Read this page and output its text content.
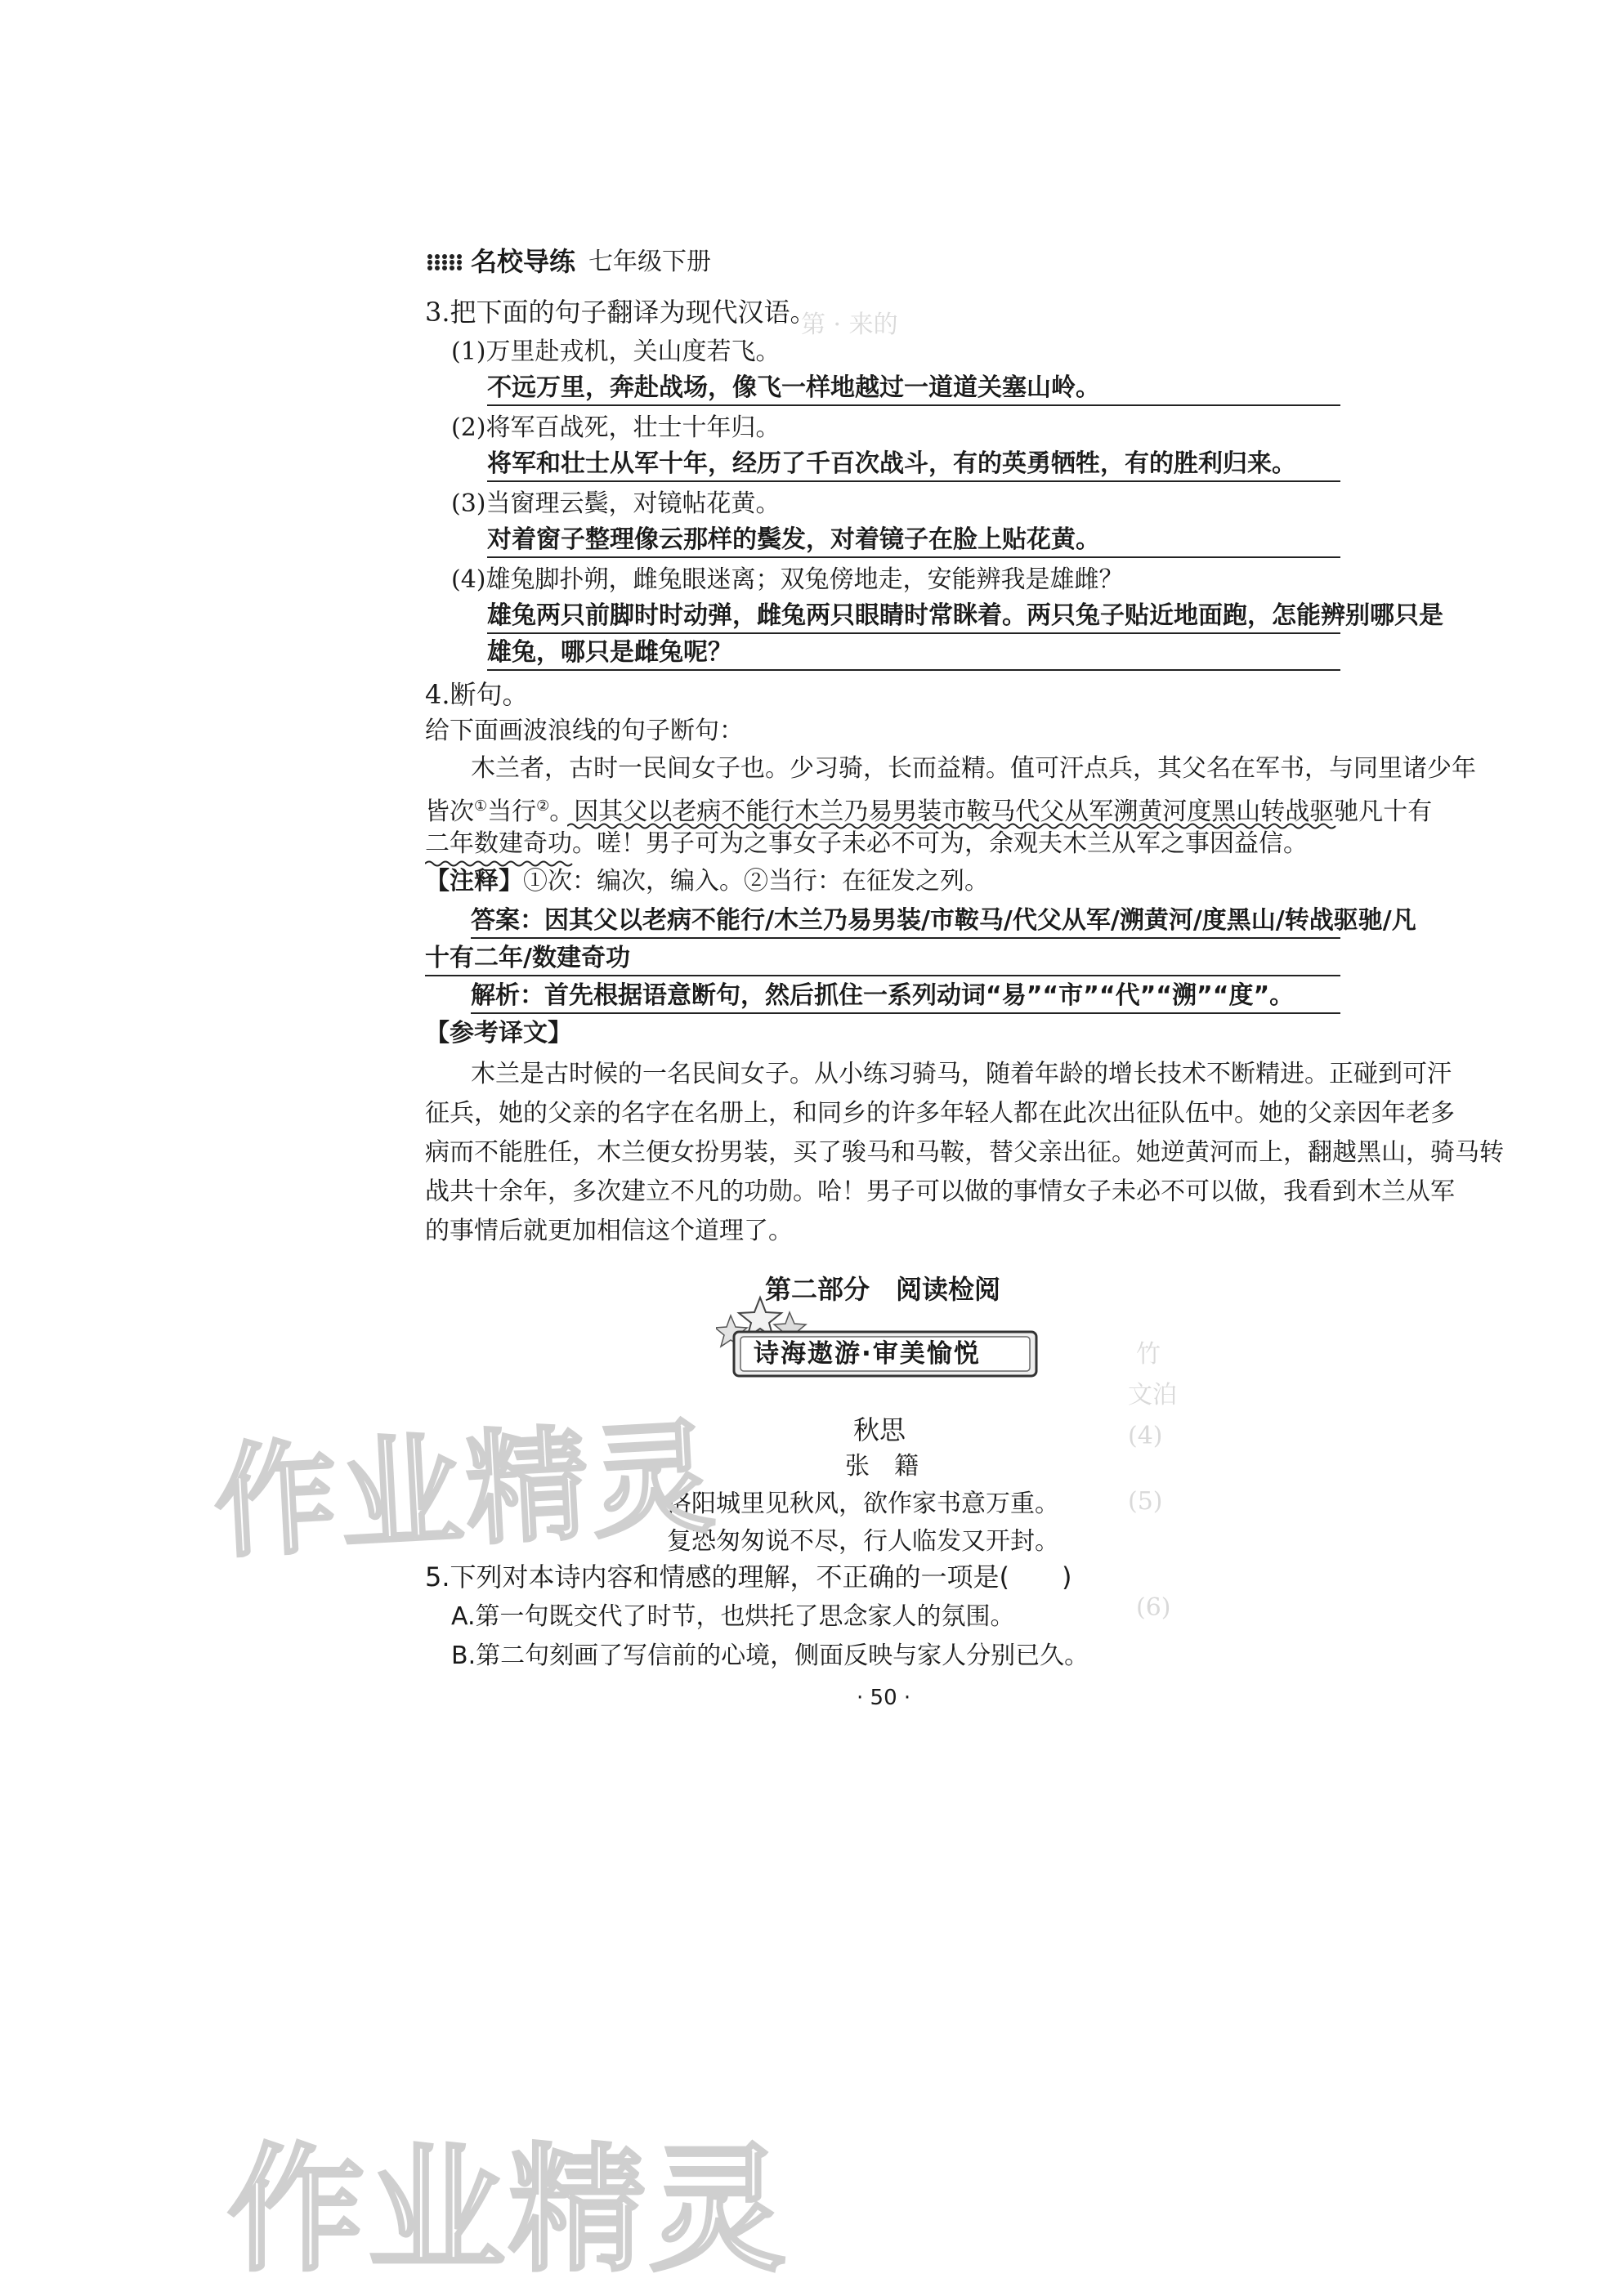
名校导练 七年级下册
第 · 来的
竹
文泊
(4)
(5)
(6)
3.把下面的句子翻译为现代汉语。
(1)万里赴戎机，关山度若飞。
不远万里，奔赴战场，像飞一样地越过一道道关塞山岭。
(2)将军百战死，壮士十年归。
将军和壮士从军十年，经历了千百次战斗，有的英勇牺牲，有的胜利归来。
(3)当窗理云鬓，对镜帖花黄。
对着窗子整理像云那样的鬓发，对着镜子在脸上贴花黄。
(4)雄兔脚扑朔，雌兔眼迷离；双兔傍地走，安能辨我是雄雌？
雄兔两只前脚时时动弹，雌兔两只眼睛时常眯着。两只兔子贴近地面跑，怎能辨别哪只是
雄兔，哪只是雌兔呢？
4.断句。
给下面画波浪线的句子断句：
木兰者，古时一民间女子也。少习骑，长而益精。值可汗点兵，其父名在军书，与同里诸少年
皆次①当行②。因其父以老病不能行木兰乃易男装市鞍马代父从军溯黄河度黑山转战驱驰凡十有
二年数建奇功。嗟！男子可为之事女子未必不可为，余观夫木兰从军之事因益信。
【注释】①次：编次，编入。②当行：在征发之列。
答案：因其父以老病不能行/木兰乃易男装/市鞍马/代父从军/溯黄河/度黑山/转战驱驰/凡
十有二年/数建奇功
解析：首先根据语意断句，然后抓住一系列动词“易”“市”“代”“溯”“度”。
【参考译文】
木兰是古时候的一名民间女子。从小练习骑马，随着年龄的增长技术不断精进。正碰到可汗
征兵，她的父亲的名字在名册上，和同乡的许多年轻人都在此次出征队伍中。她的父亲因年老多
病而不能胜任，木兰便女扮男装，买了骏马和马鞍，替父亲出征。她逆黄河而上，翻越黑山，骑马转
战共十余年，多次建立不凡的功勋。哈！男子可以做的事情女子未必不可以做，我看到木兰从军
的事情后就更加相信这个道理了。
第二部分　阅读检阅
诗海遨游·审美愉悦
秋思
张　籍
洛阳城里见秋风，欲作家书意万重。
复恐匆匆说不尽，行人临发又开封。
5.下列对本诗内容和情感的理解，不正确的一项是(　　)
A.第一句既交代了时节，也烘托了思念家人的氛围。
B.第二句刻画了写信前的心境，侧面反映与家人分别已久。
· 50 ·
作业精灵
作业精灵
